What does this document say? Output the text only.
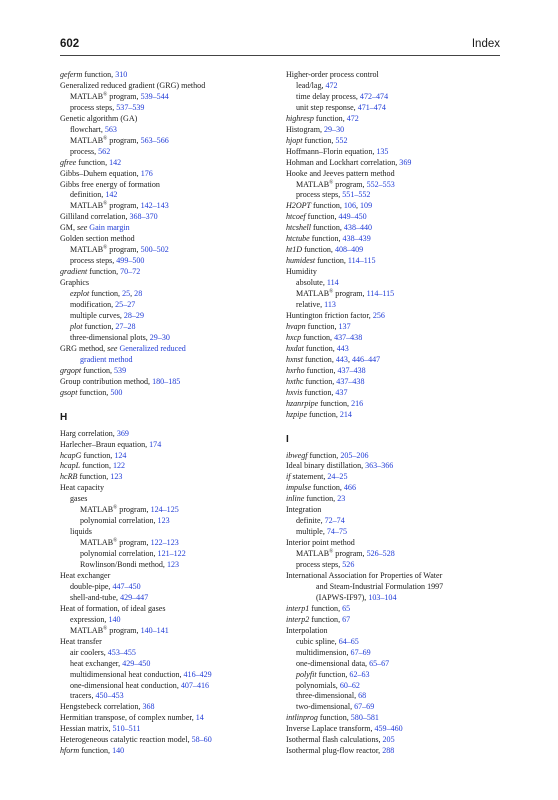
602	Index
geferm function, 310
Generalized reduced gradient (GRG) method
MATLAB® program, 539–544
process steps, 537–539
Genetic algorithm (GA)
flowchart, 563
MATLAB® program, 563–566
process, 562
gfree function, 142
Gibbs–Duhem equation, 176
Gibbs free energy of formation
definition, 142
MATLAB® program, 142–143
Gilliland correlation, 368–370
GM, see Gain margin
Golden section method
MATLAB® program, 500–502
process steps, 499–500
gradient function, 70–72
Graphics
ezplot function, 25, 28
modification, 25–27
multiple curves, 28–29
plot function, 27–28
three-dimensional plots, 29–30
GRG method, see Generalized reduced
gradient method
grgopt function, 539
Group contribution method, 180–185
gsopt function, 500
H
Harg correlation, 369
Harlecher–Braun equation, 174
hcapG function, 124
hcapL function, 122
hcRB function, 123
Heat capacity
gases
MATLAB® program, 124–125
polynomial correlation, 123
liquids
MATLAB® program, 122–123
polynomial correlation, 121–122
Rowlinson/Bondi method, 123
Heat exchanger
double-pipe, 447–450
shell-and-tube, 429–447
Heat of formation, of ideal gases
expression, 140
MATLAB® program, 140–141
Heat transfer
air coolers, 453–455
heat exchanger, 429–450
multidimensional heat conduction, 416–429
one-dimensional heat conduction, 407–416
tracers, 450–453
Hengstebeck correlation, 368
Hermitian transpose, of complex number, 14
Hessian matrix, 510–511
Heterogeneous catalytic reaction model, 58–60
hform function, 140
Higher-order process control
lead/lag, 472
time delay process, 472–474
unit step response, 471–474
highresp function, 472
Histogram, 29–30
hjopt function, 552
Hoffmann–Florin equation, 135
Hohman and Lockhart correlation, 369
Hooke and Jeeves pattern method
MATLAB® program, 552–553
process steps, 551–552
H2OPT function, 106, 109
htcoef function, 449–450
htcshell function, 438–440
htctube function, 438–439
ht1D function, 408–409
humidest function, 114–115
Humidity
absolute, 114
MATLAB® program, 114–115
relative, 113
Huntington friction factor, 256
hvapn function, 137
hxcp function, 437–438
hxdat function, 443
hxnst function, 443, 446–447
hxrho function, 437–438
hxthc function, 437–438
hxvis function, 437
hzanrpipe function, 216
hzpipe function, 214
I
ibwegf function, 205–206
Ideal binary distillation, 363–366
if statement, 24–25
impulse function, 466
inline function, 23
Integration
definite, 72–74
multiple, 74–75
Interior point method
MATLAB® program, 526–528
process steps, 526
International Association for Properties of Water
and Steam-Industrial Formulation 1997
(IAPWS-IF97), 103–104
interp1 function, 65
interp2 function, 67
Interpolation
cubic spline, 64–65
multidimension, 67–69
one-dimensional data, 65–67
polyfit function, 62–63
polynomials, 60–62
three-dimensional, 68
two-dimensional, 67–69
intlinprog function, 580–581
Inverse Laplace transform, 459–460
Isothermal flash calculations, 205
Isothermal plug-flow reactor, 288
